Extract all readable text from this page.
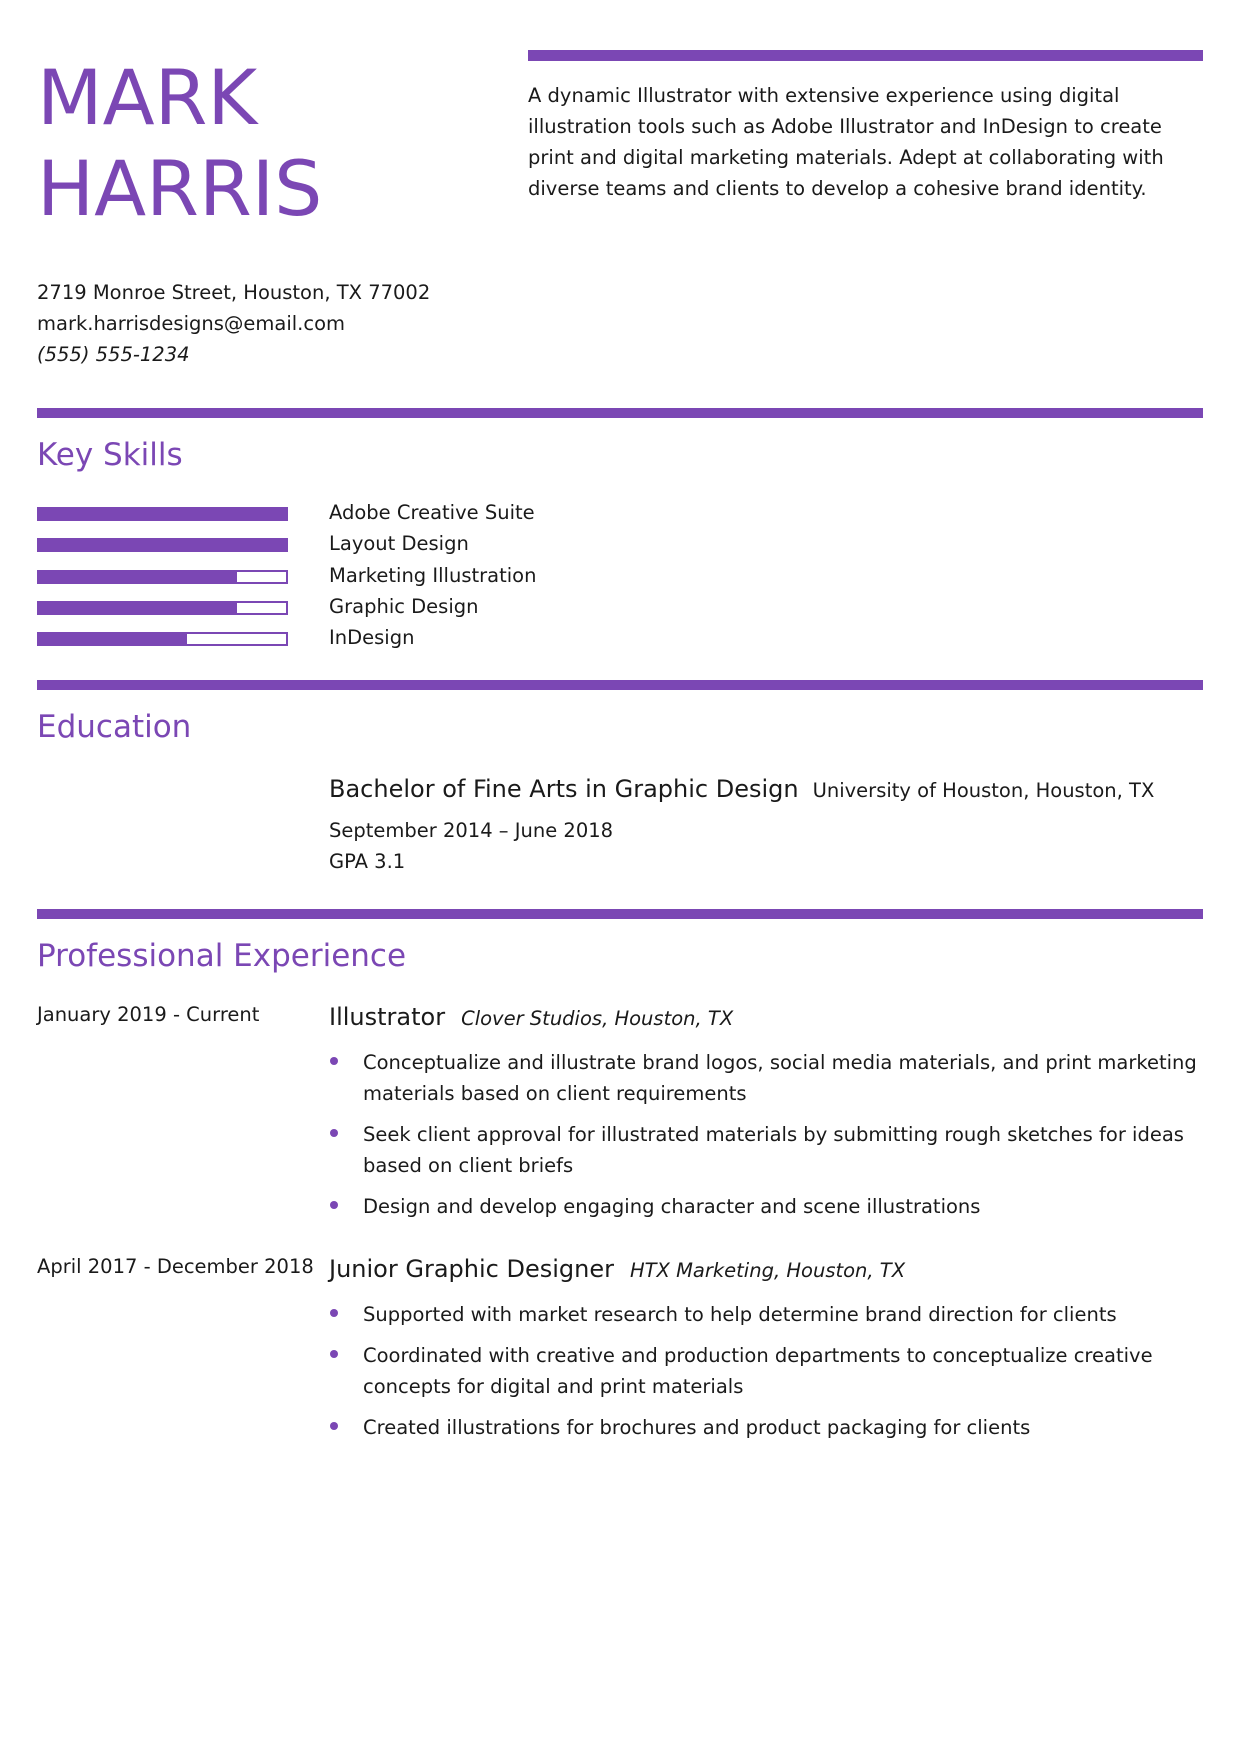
MARK
HARRIS

A dynamic Illustrator with extensive experience using digital illustration tools such as Adobe Illustrator and InDesign to create print and digital marketing materials. Adept at collaborating with diverse teams and clients to develop a cohesive brand identity.

2719 Monroe Street, Houston, TX 77002
mark.harrisdesigns@email.com
(555) 555-1234
Key Skills
Adobe Creative Suite
Layout Design
Marketing Illustration
Graphic Design
InDesign
Education
Bachelor of Fine Arts in Graphic Design University of Houston, Houston, TX
September 2014 – June 2018
GPA 3.1
Professional Experience
January 2019 - Current	Illustrator Clover Studios, Houston, TX
Conceptualize and illustrate brand logos, social media materials, and print marketing materials based on client requirements
Seek client approval for illustrated materials by submitting rough sketches for ideas based on client briefs
Design and develop engaging character and scene illustrations
April 2017 - December 2018 Junior Graphic Designer HTX Marketing, Houston, TX
Supported with market research to help determine brand direction for clients
Coordinated with creative and production departments to conceptualize creative concepts for digital and print materials
Created illustrations for brochures and product packaging for clients
